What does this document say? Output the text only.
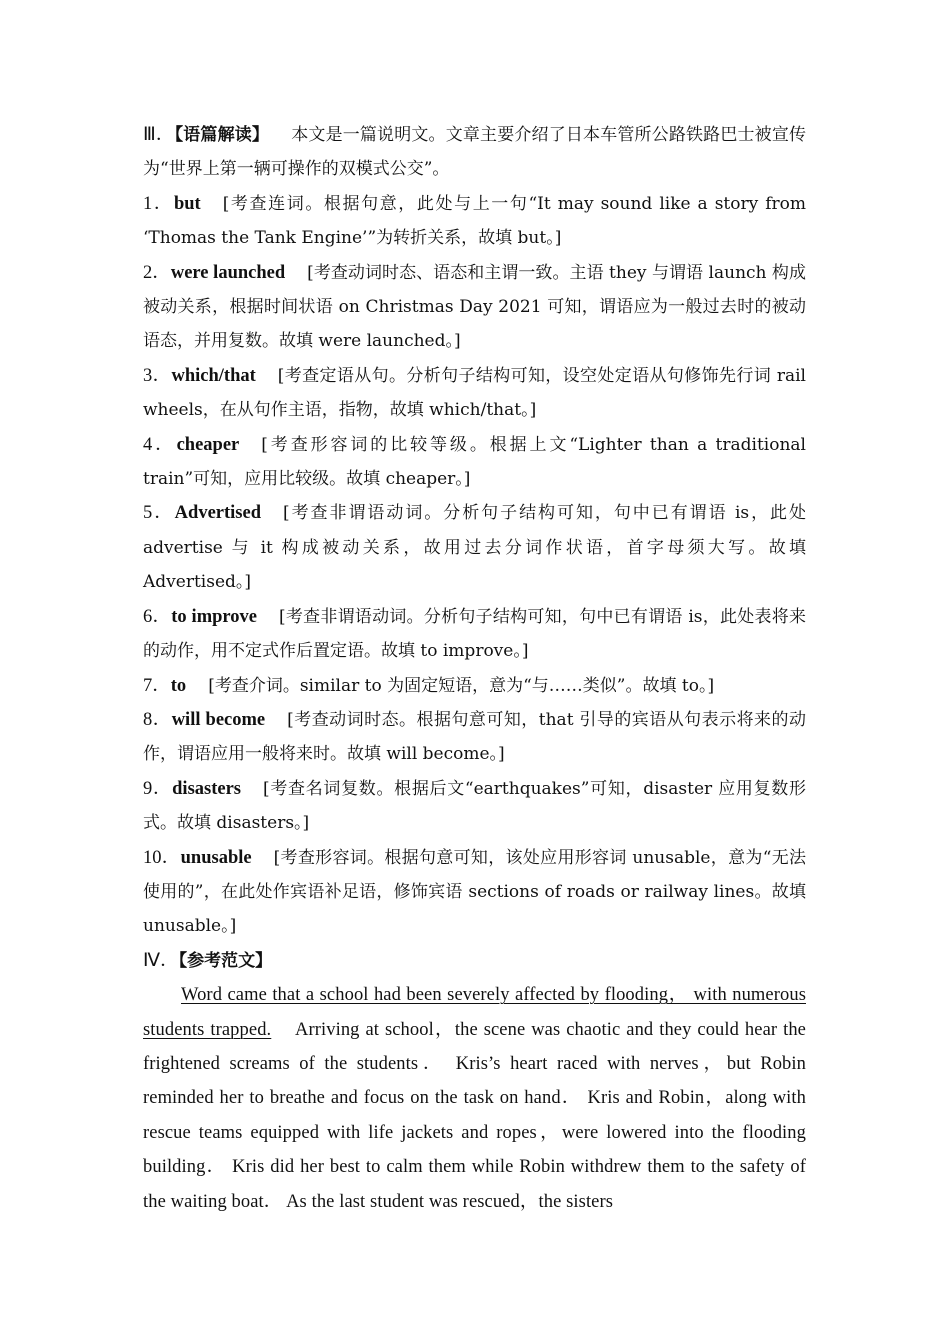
Ⅲ．【语篇解读】 本文是一篇说明文。文章主要介绍了日本车管所公路铁路巴士被宣传为“世界上第一辆可操作的双模式公交”。
1．but [考查连词。根据句意，此处与上一句“It may sound like a story from ‘Thomas the Tank Engine’”为转折关系，故填 but。]
2．were launched [考查动词时态、语态和主谓一致。主语 they 与谓语 launch 构成被动关系，根据时间状语 on Christmas Day 2021 可知，谓语应为一般过去时的被动语态，并用复数。故填 were launched。]
3．which/that [考查定语从句。分析句子结构可知，设空处定语从句修饰先行词 rail wheels，在从句作主语，指物，故填 which/that。]
4．cheaper [考查形容词的比较等级。根据上文“Lighter than a traditional train”可知，应用比较级。故填 cheaper。]
5．Advertised [考查非谓语动词。分析句子结构可知，句中已有谓语 is，此处 advertise 与 it 构成被动关系，故用过去分词作状语，首字母须大写。故填 Advertised。]
6．to improve [考查非谓语动词。分析句子结构可知，句中已有谓语 is，此处表将来的动作，用不定式作后置定语。故填 to improve。]
7．to [考查介词。similar to 为固定短语，意为“与……类似”。故填 to。]
8．will become [考查动词时态。根据句意可知，that 引导的宾语从句表示将来的动作，谓语应用一般将来时。故填 will become。]
9．disasters [考查名词复数。根据后文“earthquakes”可知，disaster 应用复数形式。故填 disasters。]
10．unusable [考查形容词。根据句意可知，该处应用形容词 unusable，意为“无法使用的”，在此处作宾语补足语，修饰宾语 sections of roads or railway lines。故填 unusable。]
Ⅳ．【参考范文】
Word came that a school had been severely affected by flooding， with numerous students trapped. Arriving at school，the scene was chaotic and they could hear the frightened screams of the students． Kris’s heart raced with nerves，but Robin reminded her to breathe and focus on the task on hand． Kris and Robin，along with rescue teams equipped with life jackets and ropes，were lowered into the flooding building． Kris did her best to calm them while Robin withdrew them to the safety of the waiting boat． As the last student was rescued，the sisters
